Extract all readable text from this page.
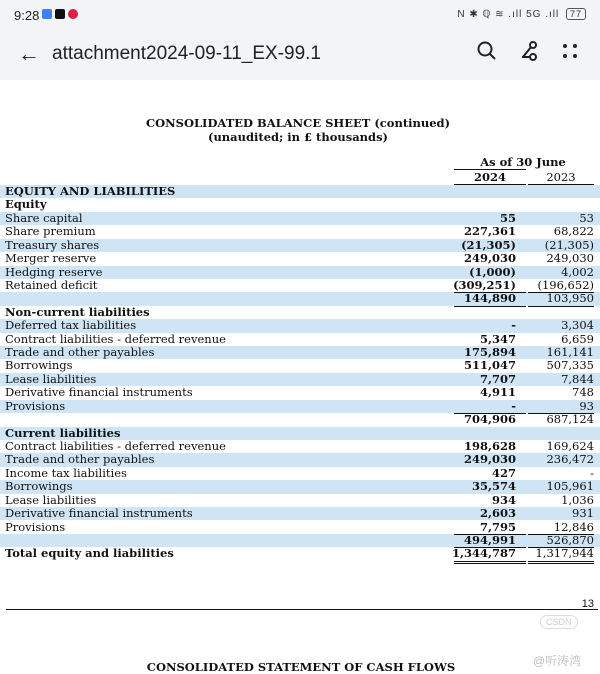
9:28	N ✱ ℚ ≋ .ıll 5G .ıll 77
← attachment2024-09-11_EX-99.1
CONSOLIDATED BALANCE SHEET (continued)
(unaudited; in £ thousands)
As of 30 June
2024	2023
EQUITY AND LIABILITIES
Equity
Share capital	55	53
Share premium	227,361	68,822
Treasury shares	(21,305)	(21,305)
Merger reserve	249,030	249,030
Hedging reserve	(1,000)	4,002
Retained deficit	(309,251) (196,652)
144,890	103,950
Non-current liabilities
Deferred tax liabilities	-	3,304
Contract liabilities - deferred revenue	5,347	6,659
Trade and other payables	175,894	161,141
Borrowings	511,047	507,335
Lease liabilities	7,707	7,844
Derivative financial instruments	4,911	748
Provisions	-	93
704,906	687,124
Current liabilities
Contract liabilities - deferred revenue	198,628	169,624
Trade and other payables	249,030	236,472
Income tax liabilities	427	-
Borrowings	35,574	105,961
Lease liabilities	934	1,036
Derivative financial instruments	2,603	931
Provisions	7,795	12,846
494,991	526,870
Total equity and liabilities	1,344,787 1,317,944
13
CSDN
@听涛湾
CONSOLIDATED STATEMENT OF CASH FLOWS
